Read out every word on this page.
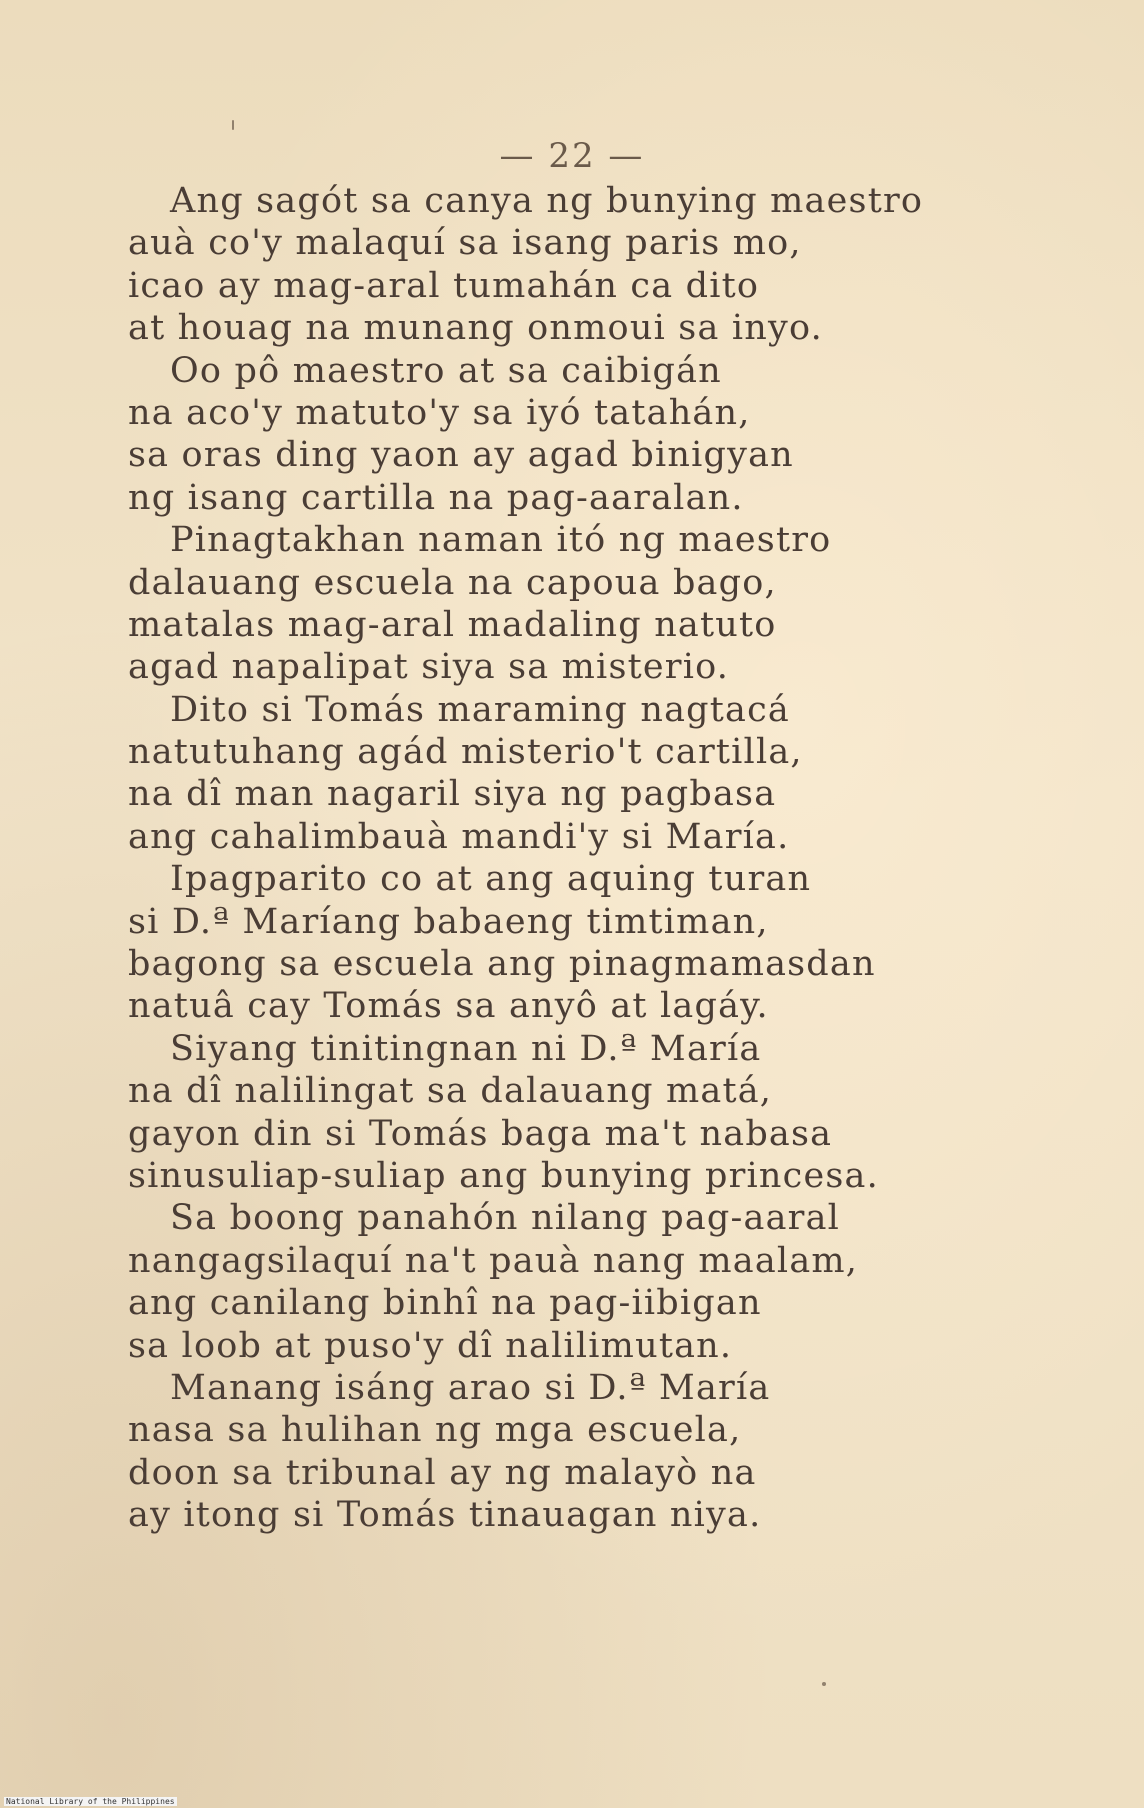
— 22 —
Ang sagót sa canya ng bunying maestro
auà co'y malaquí sa isang paris mo,
icao ay mag-aral tumahán ca dito
at houag na munang onmoui sa inyo.
Oo pô maestro at sa caibigán
na aco'y matuto'y sa iyó tatahán,
sa oras ding yaon ay agad binigyan
ng isang cartilla na pag-aaralan.
Pinagtakhan naman itó ng maestro
dalauang escuela na capoua bago,
matalas mag-aral madaling natuto
agad napalipat siya sa misterio.
Dito si Tomás maraming nagtacá
natutuhang agád misterio't cartilla,
na dî man nagaril siya ng pagbasa
ang cahalimbauà mandi'y si María.
Ipagparito co at ang aquing turan
si D.ª Maríang babaeng timtiman,
bagong sa escuela ang pinagmamasdan
natuâ cay Tomás sa anyô at lagáy.
Siyang tinitingnan ni D.ª María
na dî nalilingat sa dalauang matá,
gayon din si Tomás baga ma't nabasa
sinusuliap-suliap ang bunying princesa.
Sa boong panahón nilang pag-aaral
nangagsilaquí na't pauà nang maalam,
ang canilang binhî na pag-iibigan
sa loob at puso'y dî nalilimutan.
Manang isáng arao si D.ª María
nasa sa hulihan ng mga escuela,
doon sa tribunal ay ng malayò na
ay itong si Tomás tinauagan niya.
National Library of the Philippines
